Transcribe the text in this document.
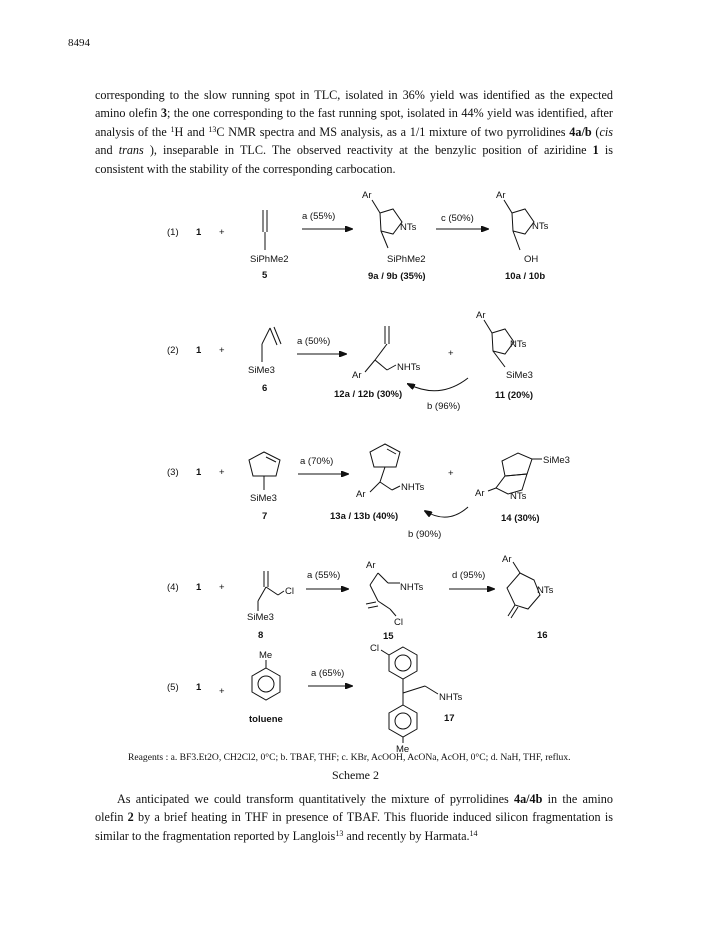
8494
corresponding to the slow running spot in TLC, isolated in 36% yield was identified as the expected amino olefin 3; the one corresponding to the fast running spot, isolated in 44% yield was identified, after analysis of the $^1$H and $^{13}$C NMR spectra and MS analysis, as a 1/1 mixture of two pyrrolidines 4a/b (cis and trans ), inseparable in TLC. The observed reactivity at the benzylic position of aziridine 1 is consistent with the stability of the corresponding carbocation.
(1) 1 +
SiPhMe2
5
a (55%)
Ar
NTs
SiPhMe2
9a / 9b (35%)
c (50%)
Ar
NTs
OH
10a / 10b
(2) 1 +
SiMe3
6
a (50%)
Ar
NHTs
12a / 12b (30%)
+
Ar
NTs
SiMe3
11 (20%)
b (96%)
(3) 1 +
SiMe3
7
a (70%)
Ar
NHTs
13a / 13b (40%)
+
SiMe3
Ar	NTs
14 (30%)
b (90%)
(4) 1 +	Cl
SiMe3
8
a (55%)
Ar
NHTs
Cl
15
d (95%)
Ar
NTs
16
(5) 1 +
Me
toluene
a (65%)
Cl
NHTs
17
Me
Reagents : a. BF3.Et2O, CH2Cl2, 0°C; b. TBAF, THF; c. KBr, AcOOH, AcONa, AcOH, 0°C; d. NaH, THF, reflux.
Scheme 2
As anticipated we could transform quantitatively the mixture of pyrrolidines 4a/4b in the amino olefin 2 by a brief heating in THF in presence of TBAF. This fluoride induced silicon fragmentation is similar to the fragmentation reported by Langlois$^{13}$ and recently by Harmata.$^{14}$
